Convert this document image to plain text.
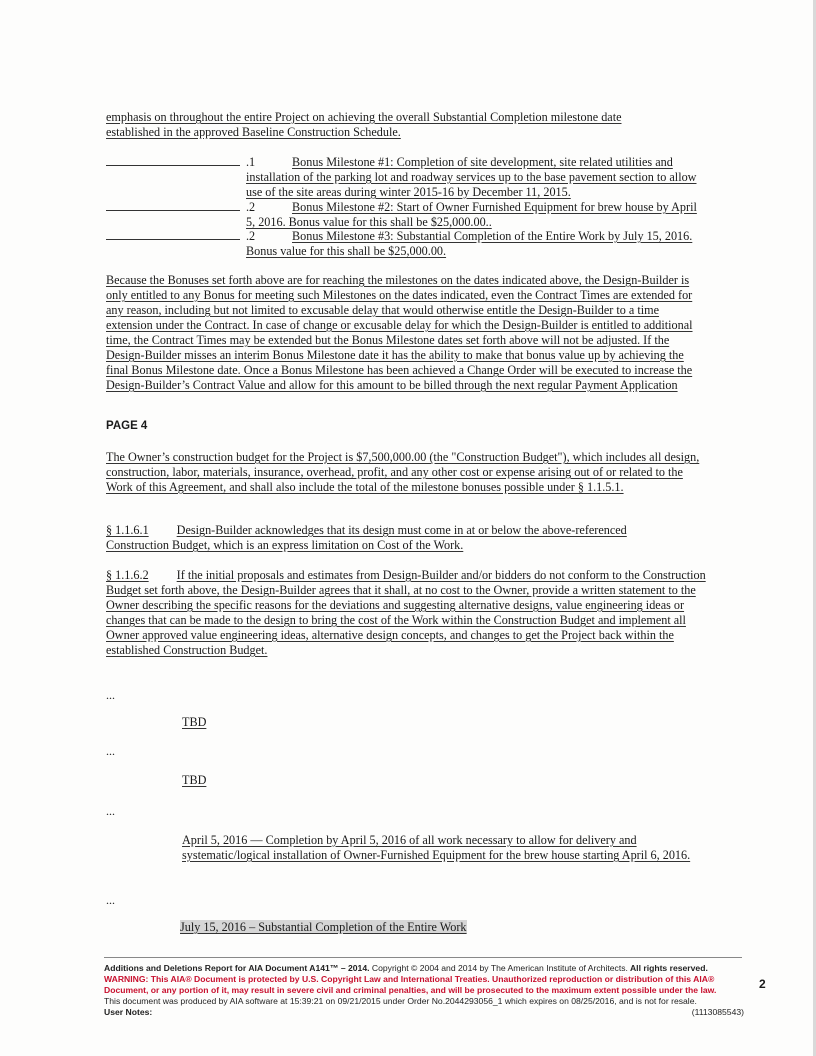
emphasis on throughout the entire Project on achieving the overall Substantial Completion milestone date
established in the approved Baseline Construction Schedule.
.1	Bonus Milestone #1: Completion of site development, site related utilities and installation of the parking lot and roadway services up to the base pavement section to allow use of the site areas during winter 2015-16 by December 11, 2015.
.2	Bonus Milestone #2: Start of Owner Furnished Equipment for brew house by April 5, 2016. Bonus value for this shall be $25,000.00..
.2	Bonus Milestone #3: Substantial Completion of the Entire Work by July 15, 2016. Bonus value for this shall be $25,000.00.
Because the Bonuses set forth above are for reaching the milestones on the dates indicated above, the Design-Builder is only entitled to any Bonus for meeting such Milestones on the dates indicated, even the Contract Times are extended for any reason, including but not limited to excusable delay that would otherwise entitle the Design-Builder to a time extension under the Contract. In case of change or excusable delay for which the Design-Builder is entitled to additional time, the Contract Times may be extended but the Bonus Milestone dates set forth above will not be adjusted. If the Design-Builder misses an interim Bonus Milestone date it has the ability to make that bonus value up by achieving the final Bonus Milestone date. Once a Bonus Milestone has been achieved a Change Order will be executed to increase the Design-Builder’s Contract Value and allow for this amount to be billed through the next regular Payment Application
PAGE 4
The Owner’s construction budget for the Project is $7,500,000.00 (the "Construction Budget"), which includes all design, construction, labor, materials, insurance, overhead, profit, and any other cost or expense arising out of or related to the Work of this Agreement, and shall also include the total of the milestone bonuses possible under § 1.1.5.1.
§ 1.1.6.1 Design-Builder acknowledges that its design must come in at or below the above-referenced Construction Budget, which is an express limitation on Cost of the Work.
§ 1.1.6.2 If the initial proposals and estimates from Design-Builder and/or bidders do not conform to the Construction Budget set forth above, the Design-Builder agrees that it shall, at no cost to the Owner, provide a written statement to the Owner describing the specific reasons for the deviations and suggesting alternative designs, value engineering ideas or changes that can be made to the design to bring the cost of the Work within the Construction Budget and implement all Owner approved value engineering ideas, alternative design concepts, and changes to get the Project back within the established Construction Budget.
...
TBD
...
TBD
...
April 5, 2016 — Completion by April 5, 2016 of all work necessary to allow for delivery and systematic/logical installation of Owner-Furnished Equipment for the brew house starting April 6, 2016.
...
July 15, 2016 – Substantial Completion of the Entire Work
Additions and Deletions Report for AIA Document A141™ – 2014. Copyright © 2004 and 2014 by The American Institute of Architects. All rights reserved.
WARNING: This AIA® Document is protected by U.S. Copyright Law and International Treaties. Unauthorized reproduction or distribution of this AIA® Document, or any portion of it, may result in severe civil and criminal penalties, and will be prosecuted to the maximum extent possible under the law.
This document was produced by AIA software at 15:39:21 on 09/21/2015 under Order No.2044293056_1 which expires on 08/25/2016, and is not for resale.
User Notes:	(1113085543)
2
